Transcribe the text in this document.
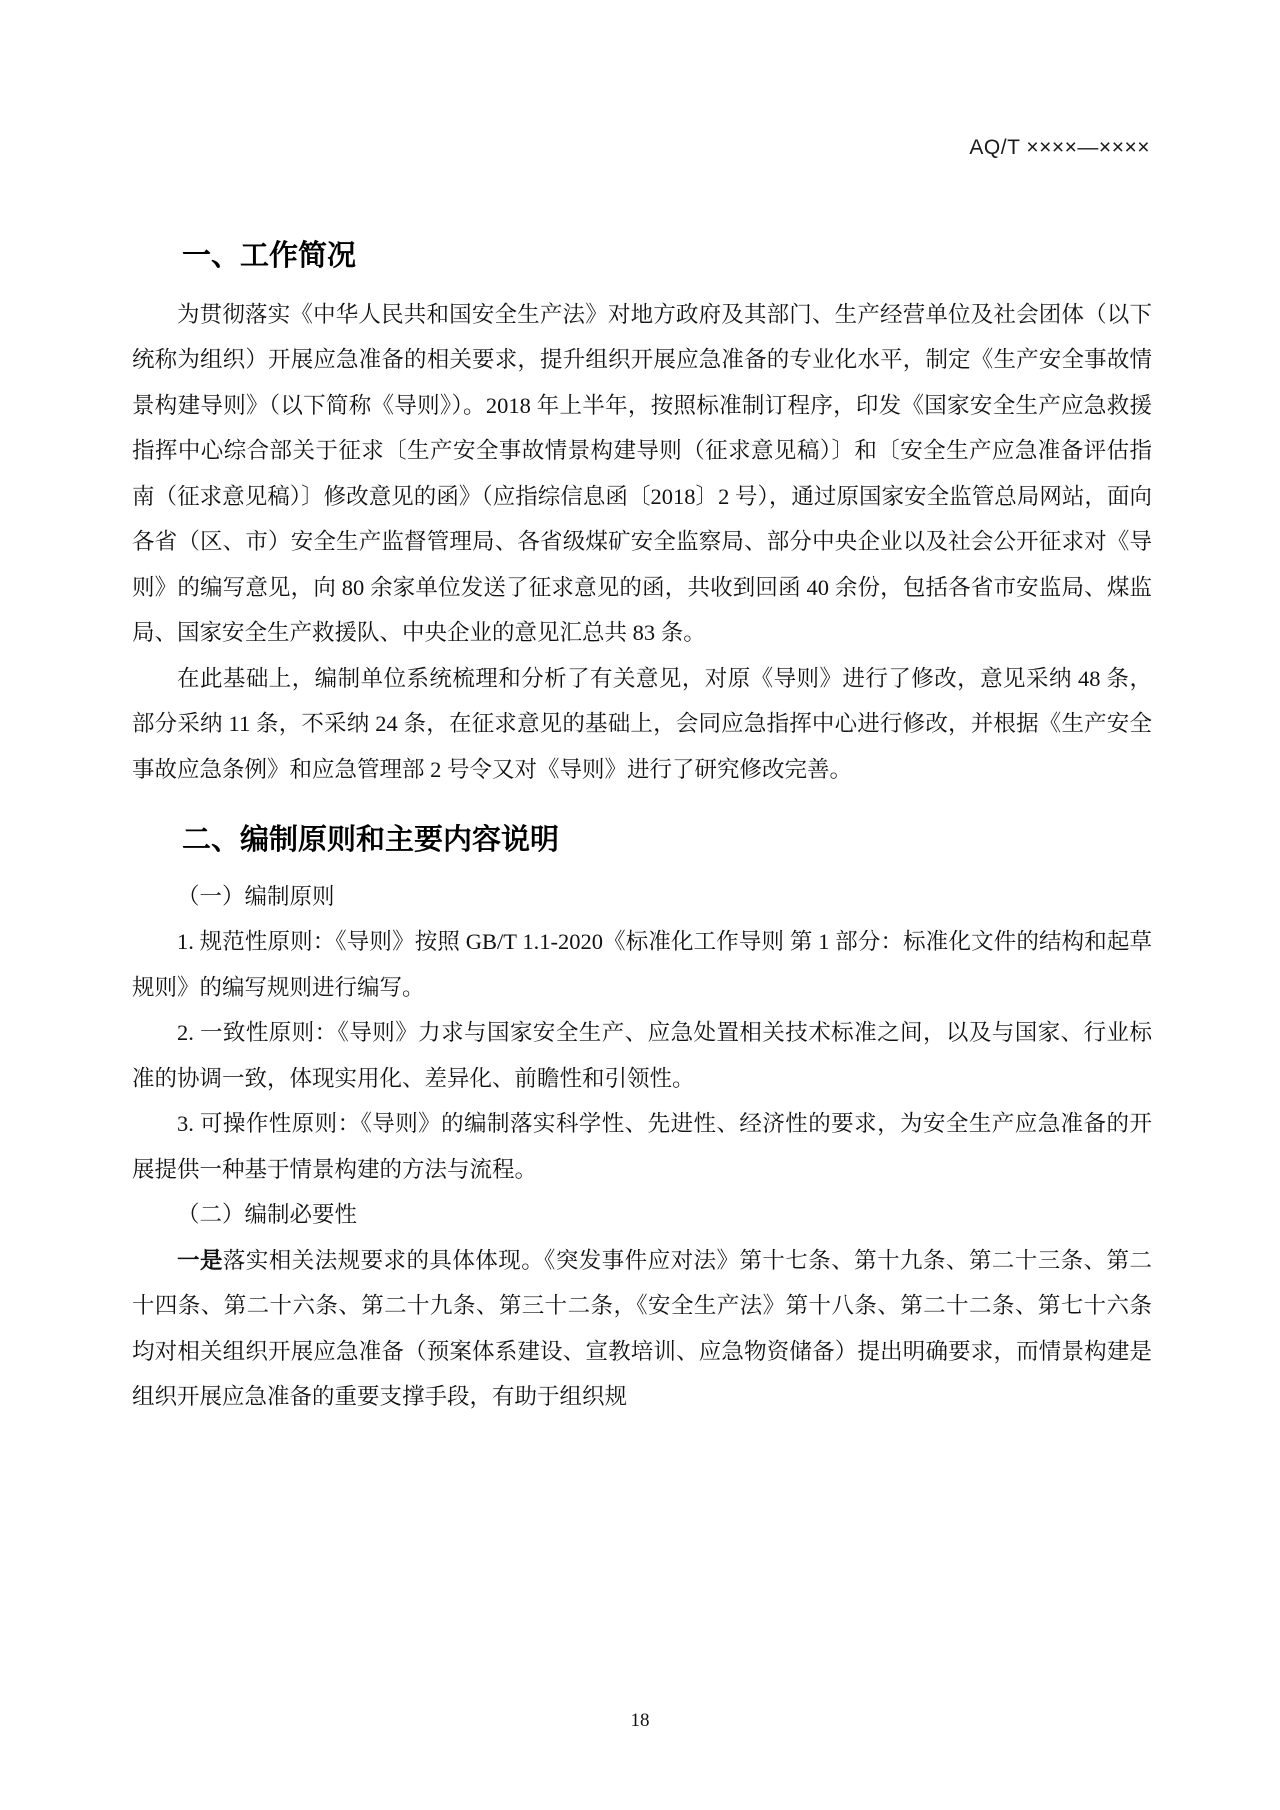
AQ/T ××××—××××
一、工作简况

为贯彻落实《中华人民共和国安全生产法》对地方政府及其部门、生产经营单位及社会团体（以下统称为组织）开展应急准备的相关要求，提升组织开展应急准备的专业化水平，制定《生产安全事故情景构建导则》（以下简称《导则》）。2018 年上半年，按照标准制订程序，印发《国家安全生产应急救援指挥中心综合部关于征求〔生产安全事故情景构建导则（征求意见稿）〕和〔安全生产应急准备评估指南（征求意见稿）〕修改意见的函》（应指综信息函〔2018〕2 号），通过原国家安全监管总局网站，面向各省（区、市）安全生产监督管理局、各省级煤矿安全监察局、部分中央企业以及社会公开征求对《导则》的编写意见，向 80 余家单位发送了征求意见的函，共收到回函 40 余份，包括各省市安监局、煤监局、国家安全生产救援队、中央企业的意见汇总共 83 条。

在此基础上，编制单位系统梳理和分析了有关意见，对原《导则》进行了修改，意见采纳 48 条，部分采纳 11 条，不采纳 24 条，在征求意见的基础上，会同应急指挥中心进行修改，并根据《生产安全事故应急条例》和应急管理部 2 号令又对《导则》进行了研究修改完善。

二、编制原则和主要内容说明

（一）编制原则

1. 规范性原则：《导则》按照 GB/T 1.1-2020《标准化工作导则 第 1 部分：标准化文件的结构和起草规则》的编写规则进行编写。

2. 一致性原则：《导则》力求与国家安全生产、应急处置相关技术标准之间，以及与国家、行业标准的协调一致，体现实用化、差异化、前瞻性和引领性。

3. 可操作性原则：《导则》的编制落实科学性、先进性、经济性的要求，为安全生产应急准备的开展提供一种基于情景构建的方法与流程。

（二）编制必要性

一是落实相关法规要求的具体体现。《突发事件应对法》第十七条、第十九条、第二十三条、第二十四条、第二十六条、第二十九条、第三十二条，《安全生产法》第十八条、第二十二条、第七十六条均对相关组织开展应急准备（预案体系建设、宣教培训、应急物资储备）提出明确要求，而情景构建是组织开展应急准备的重要支撑手段，有助于组织规

18
